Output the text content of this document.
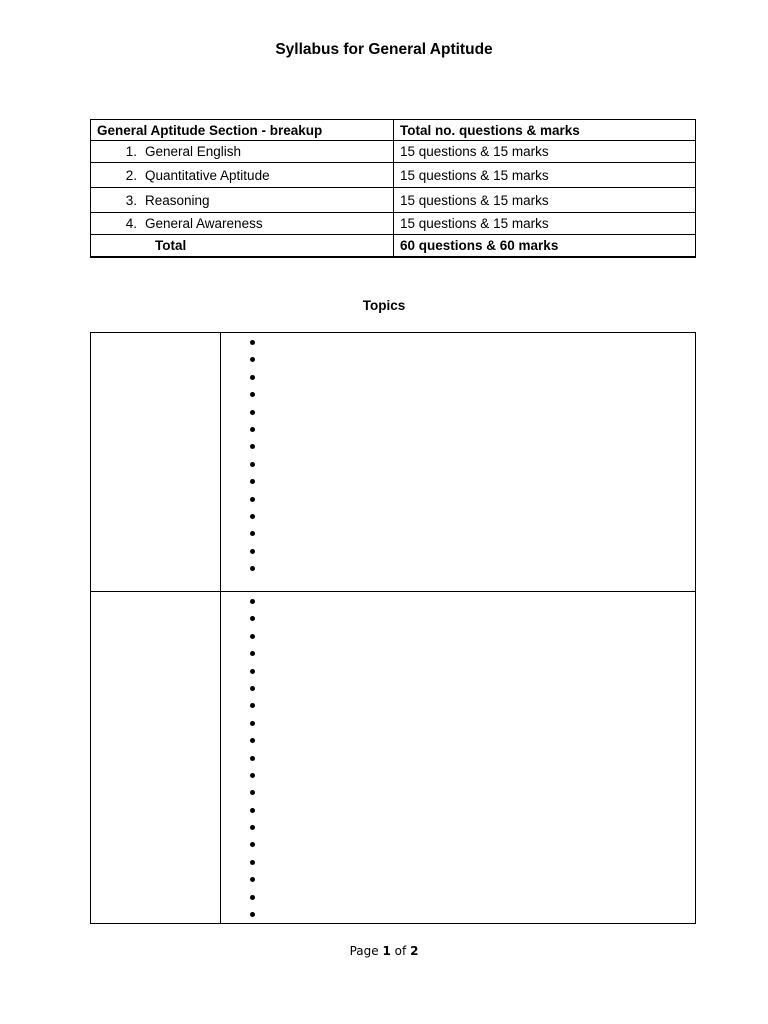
Syllabus for General Aptitude
General Aptitude Section - breakup	Total no. questions & marks
1. General English	15 questions & 15 marks
2. Quantitative Aptitude	15 questions & 15 marks
3. Reasoning	15 questions & 15 marks
4. General Awareness	15 questions & 15 marks
Total	60 questions & 60 marks
Topics

Page 1 of 2
